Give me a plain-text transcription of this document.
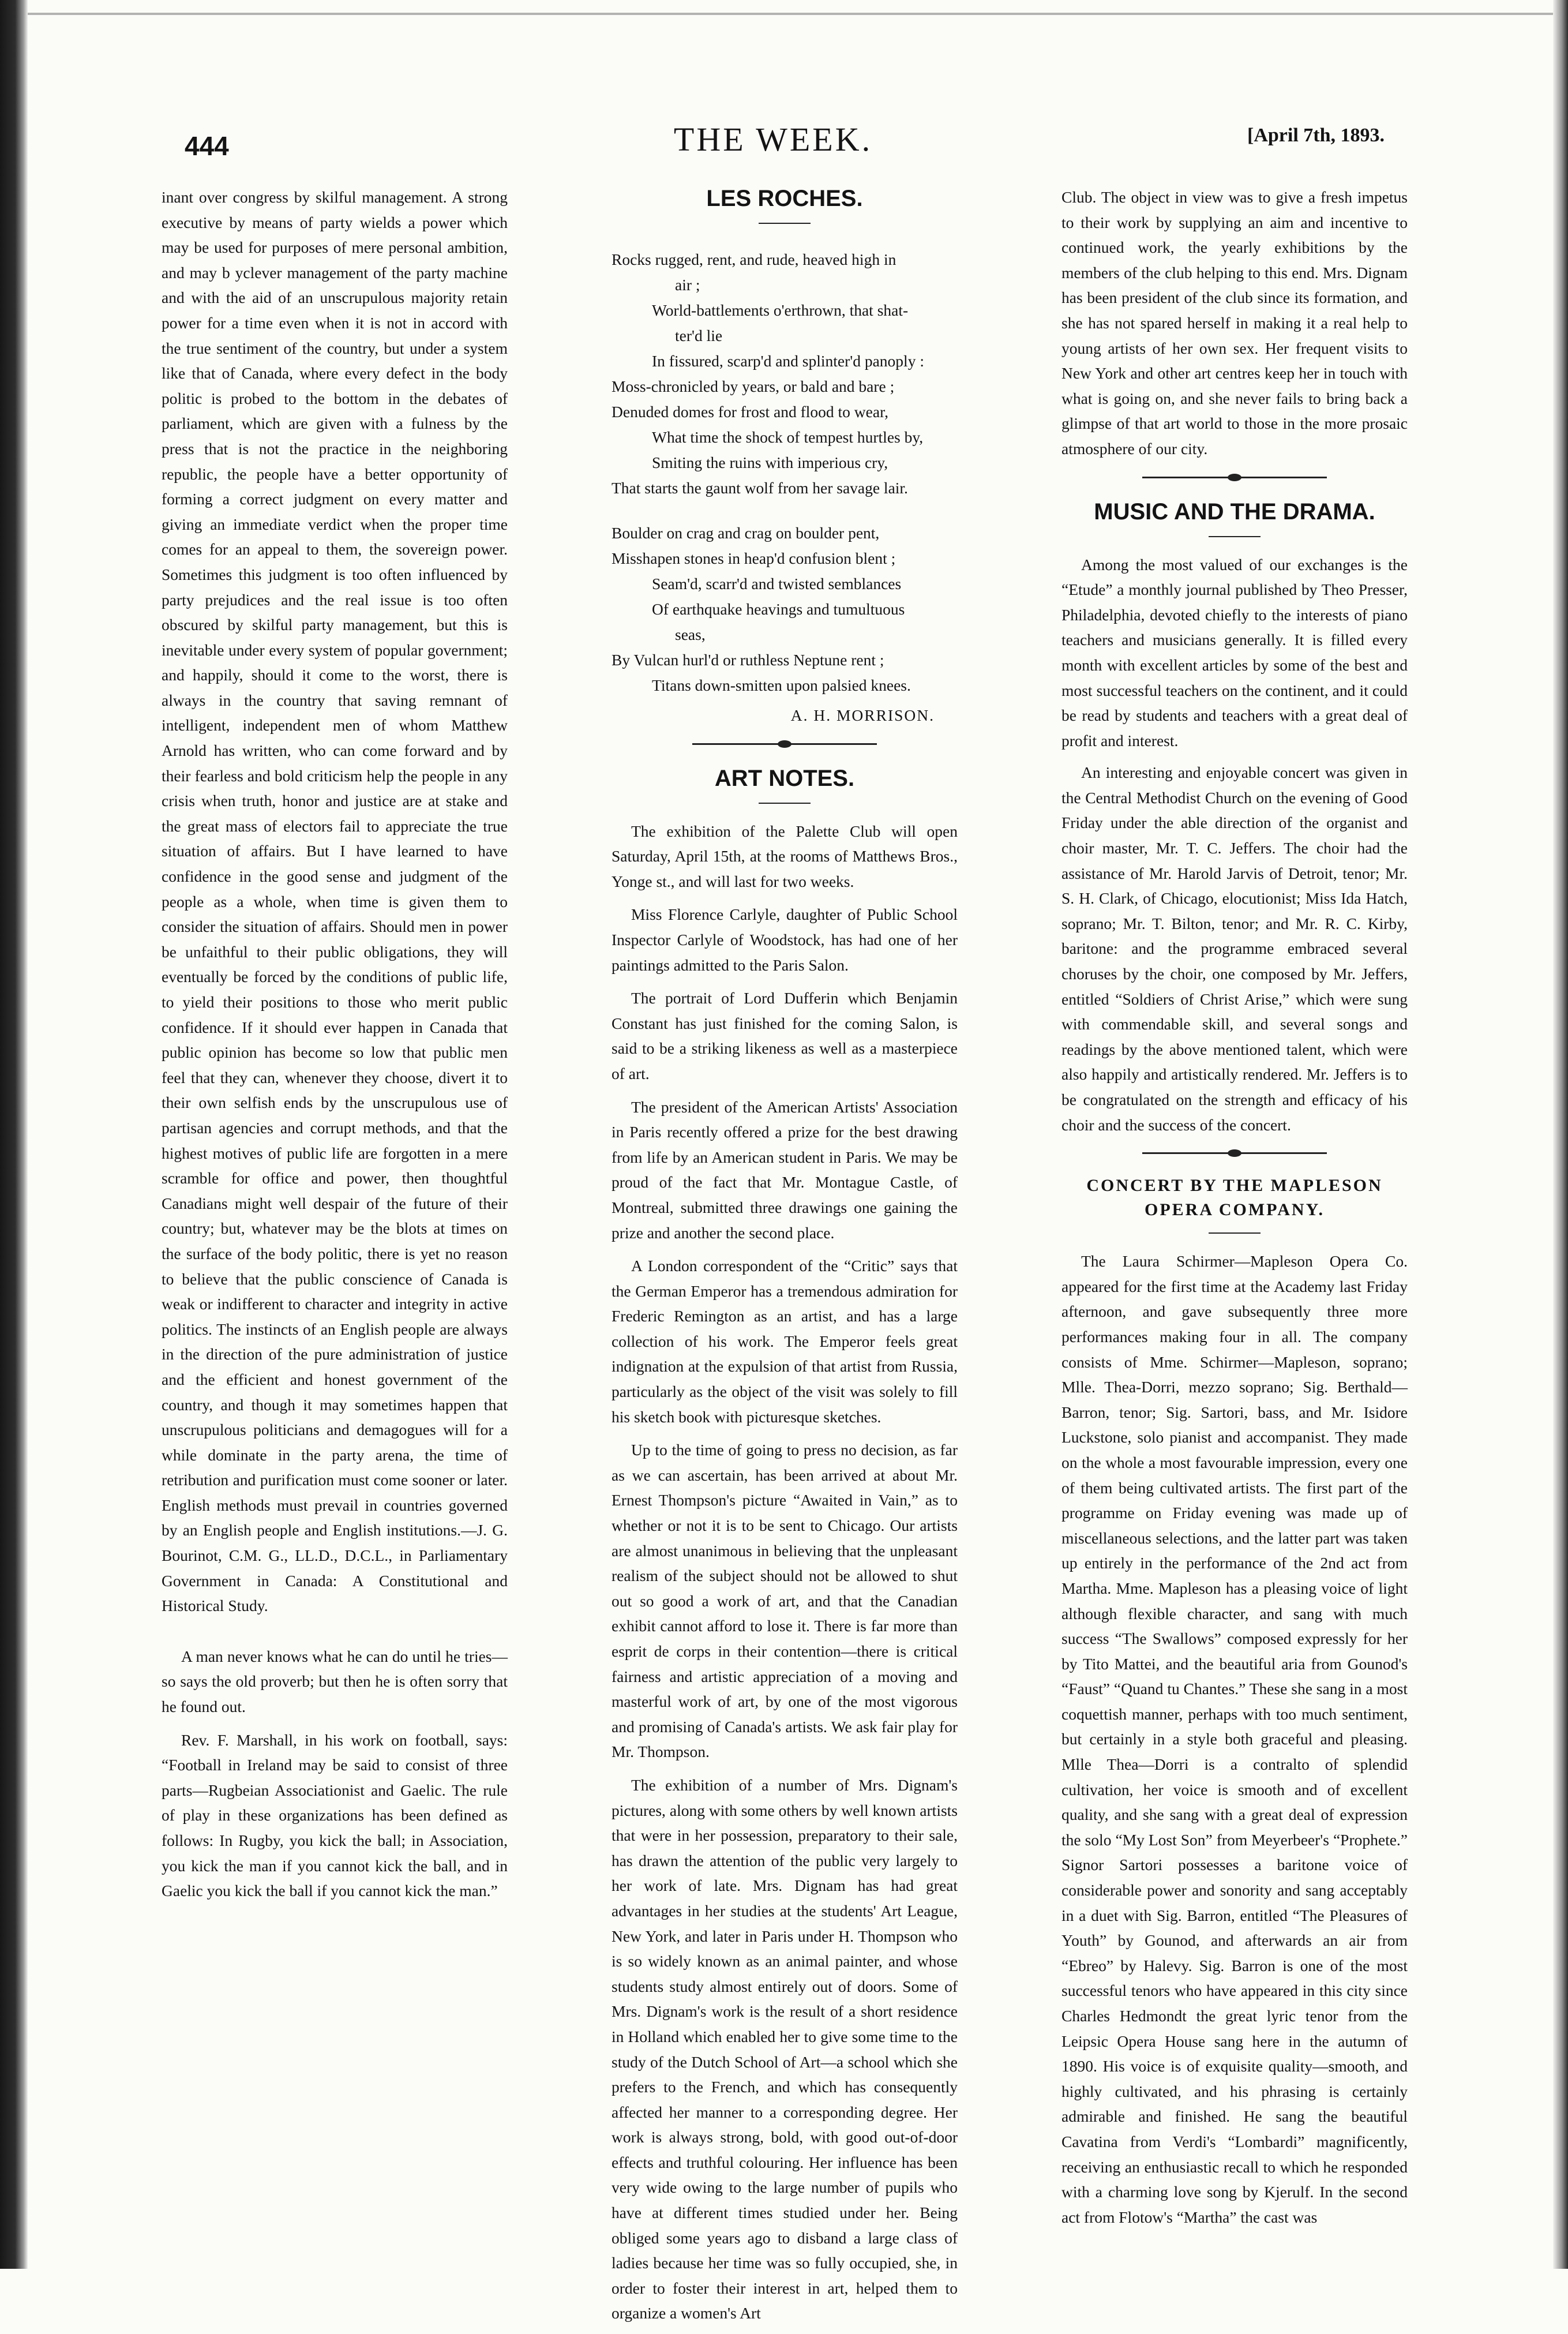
444	THE WEEK.	[April 7th, 1893.

inant over congress by skilful management. A strong executive by means of party wields a power which may be used for purposes of mere personal ambition, and may b yclever management of the party machine and with the aid of an unscrupulous majority retain power for a time even when it is not in accord with the true sentiment of the country, but under a system like that of Canada, where every defect in the body politic is probed to the bottom in the debates of parliament, which are given with a fulness by the press that is not the practice in the neighboring republic, the people have a better opportunity of forming a correct judgment on every matter and giving an immediate verdict when the proper time comes for an appeal to them, the sovereign power. Sometimes this judgment is too often influenced by party prejudices and the real issue is too often obscured by skilful party management, but this is inevitable under every system of popular government; and happily, should it come to the worst, there is always in the country that saving remnant of intelligent, independent men of whom Matthew Arnold has written, who can come forward and by their fearless and bold criticism help the people in any crisis when truth, honor and justice are at stake and the great mass of electors fail to appreciate the true situation of affairs. But I have learned to have confidence in the good sense and judgment of the people as a whole, when time is given them to consider the situation of affairs. Should men in power be unfaithful to their public obligations, they will eventually be forced by the conditions of public life, to yield their positions to those who merit public confidence. If it should ever happen in Canada that public opinion has become so low that public men feel that they can, whenever they choose, divert it to their own selfish ends by the unscrupulous use of partisan agencies and corrupt methods, and that the highest motives of public life are forgotten in a mere scramble for office and power, then thoughtful Canadians might well despair of the future of their country; but, whatever may be the blots at times on the surface of the body politic, there is yet no reason to believe that the public conscience of Canada is weak or indifferent to character and integrity in active politics. The instincts of an English people are always in the direction of the pure administration of justice and the efficient and honest government of the country, and though it may sometimes happen that unscrupulous politicians and demagogues will for a while dominate in the party arena, the time of retribution and purification must come sooner or later. English methods must prevail in countries governed by an English people and English institutions.—J. G. Bourinot, C.M. G., LL.D., D.C.L., in Parliamentary Government in Canada: A Constitutional and Historical Study.

A man never knows what he can do until he tries—so says the old proverb; but then he is often sorry that he found out.

Rev. F. Marshall, in his work on football, says: “Football in Ireland may be said to consist of three parts—Rugbeian Associationist and Gaelic. The rule of play in these organizations has been defined as follows: In Rugby, you kick the ball; in Association, you kick the man if you cannot kick the ball, and in Gaelic you kick the ball if you cannot kick the man.”

LES ROCHES.
Rocks rugged, rent, and rude, heaved high in
air ;
World-battlements o'erthrown, that shat-
ter'd lie
In fissured, scarp'd and splinter'd panoply :
Moss-chronicled by years, or bald and bare ;
Denuded domes for frost and flood to wear,
What time the shock of tempest hurtles by,
Smiting the ruins with imperious cry,
That starts the gaunt wolf from her savage lair.
Boulder on crag and crag on boulder pent,
Misshapen stones in heap'd confusion blent ;
Seam'd, scarr'd and twisted semblances
Of earthquake heavings and tumultuous
seas,
By Vulcan hurl'd or ruthless Neptune rent ;
Titans down-smitten upon palsied knees.
A. H. MORRISON.
ART NOTES.

The exhibition of the Palette Club will open Saturday, April 15th, at the rooms of Matthews Bros., Yonge st., and will last for two weeks.

Miss Florence Carlyle, daughter of Public School Inspector Carlyle of Woodstock, has had one of her paintings admitted to the Paris Salon.

The portrait of Lord Dufferin which Benjamin Constant has just finished for the coming Salon, is said to be a striking likeness as well as a masterpiece of art.

The president of the American Artists' Association in Paris recently offered a prize for the best drawing from life by an American student in Paris. We may be proud of the fact that Mr. Montague Castle, of Montreal, submitted three drawings one gaining the prize and another the second place.

A London correspondent of the “Critic” says that the German Emperor has a tremendous admiration for Frederic Remington as an artist, and has a large collection of his work. The Emperor feels great indignation at the expulsion of that artist from Russia, particularly as the object of the visit was solely to fill his sketch book with picturesque sketches.

Up to the time of going to press no decision, as far as we can ascertain, has been arrived at about Mr. Ernest Thompson's picture “Awaited in Vain,” as to whether or not it is to be sent to Chicago. Our artists are almost unanimous in believing that the unpleasant realism of the subject should not be allowed to shut out so good a work of art, and that the Canadian exhibit cannot afford to lose it. There is far more than esprit de corps in their contention—there is critical fairness and artistic appreciation of a moving and masterful work of art, by one of the most vigorous and promising of Canada's artists. We ask fair play for Mr. Thompson.

The exhibition of a number of Mrs. Dignam's pictures, along with some others by well known artists that were in her possession, preparatory to their sale, has drawn the attention of the public very largely to her work of late. Mrs. Dignam has had great advantages in her studies at the students' Art League, New York, and later in Paris under H. Thompson who is so widely known as an animal painter, and whose students study almost entirely out of doors. Some of Mrs. Dignam's work is the result of a short residence in Holland which enabled her to give some time to the study of the Dutch School of Art—a school which she prefers to the French, and which has consequently affected her manner to a corresponding degree. Her work is always strong, bold, with good out-of-door effects and truthful colouring. Her influence has been very wide owing to the large number of pupils who have at different times studied under her. Being obliged some years ago to disband a large class of ladies because her time was so fully occupied, she, in order to foster their interest in art, helped them to organize a women's Art

Club. The object in view was to give a fresh impetus to their work by supplying an aim and incentive to continued work, the yearly exhibitions by the members of the club helping to this end. Mrs. Dignam has been president of the club since its formation, and she has not spared herself in making it a real help to young artists of her own sex. Her frequent visits to New York and other art centres keep her in touch with what is going on, and she never fails to bring back a glimpse of that art world to those in the more prosaic atmosphere of our city.

MUSIC AND THE DRAMA.

Among the most valued of our exchanges is the “Etude” a monthly journal published by Theo Presser, Philadelphia, devoted chiefly to the interests of piano teachers and musicians generally. It is filled every month with excellent articles by some of the best and most successful teachers on the continent, and it could be read by students and teachers with a great deal of profit and interest.

An interesting and enjoyable concert was given in the Central Methodist Church on the evening of Good Friday under the able direction of the organist and choir master, Mr. T. C. Jeffers. The choir had the assistance of Mr. Harold Jarvis of Detroit, tenor; Mr. S. H. Clark, of Chicago, elocutionist; Miss Ida Hatch, soprano; Mr. T. Bilton, tenor; and Mr. R. C. Kirby, baritone: and the programme embraced several choruses by the choir, one composed by Mr. Jeffers, entitled “Soldiers of Christ Arise,” which were sung with commendable skill, and several songs and readings by the above mentioned talent, which were also happily and artistically rendered. Mr. Jeffers is to be congratulated on the strength and efficacy of his choir and the success of the concert.

CONCERT BY THE MAPLESON OPERA COMPANY.

The Laura Schirmer—Mapleson Opera Co. appeared for the first time at the Academy last Friday afternoon, and gave subsequently three more performances making four in all. The company consists of Mme. Schirmer—Mapleson, soprano; Mlle. Thea-Dorri, mezzo soprano; Sig. Berthald—Barron, tenor; Sig. Sartori, bass, and Mr. Isidore Luckstone, solo pianist and accompanist. They made on the whole a most favourable impression, every one of them being cultivated artists. The first part of the programme on Friday evening was made up of miscellaneous selections, and the latter part was taken up entirely in the performance of the 2nd act from Martha. Mme. Mapleson has a pleasing voice of light although flexible character, and sang with much success “The Swallows” composed expressly for her by Tito Mattei, and the beautiful aria from Gounod's “Faust” “Quand tu Chantes.” These she sang in a most coquettish manner, perhaps with too much sentiment, but certainly in a style both graceful and pleasing. Mlle Thea—Dorri is a contralto of splendid cultivation, her voice is smooth and of excellent quality, and she sang with a great deal of expression the solo “My Lost Son” from Meyerbeer's “Prophete.” Signor Sartori possesses a baritone voice of considerable power and sonority and sang acceptably in a duet with Sig. Barron, entitled “The Pleasures of Youth” by Gounod, and afterwards an air from “Ebreo” by Halevy. Sig. Barron is one of the most successful tenors who have appeared in this city since Charles Hedmondt the great lyric tenor from the Leipsic Opera House sang here in the autumn of 1890. His voice is of exquisite quality—smooth, and highly cultivated, and his phrasing is certainly admirable and finished. He sang the beautiful Cavatina from Verdi's “Lombardi” magnificently, receiving an enthusiastic recall to which he responded with a charming love song by Kjerulf. In the second act from Flotow's “Martha” the cast was
